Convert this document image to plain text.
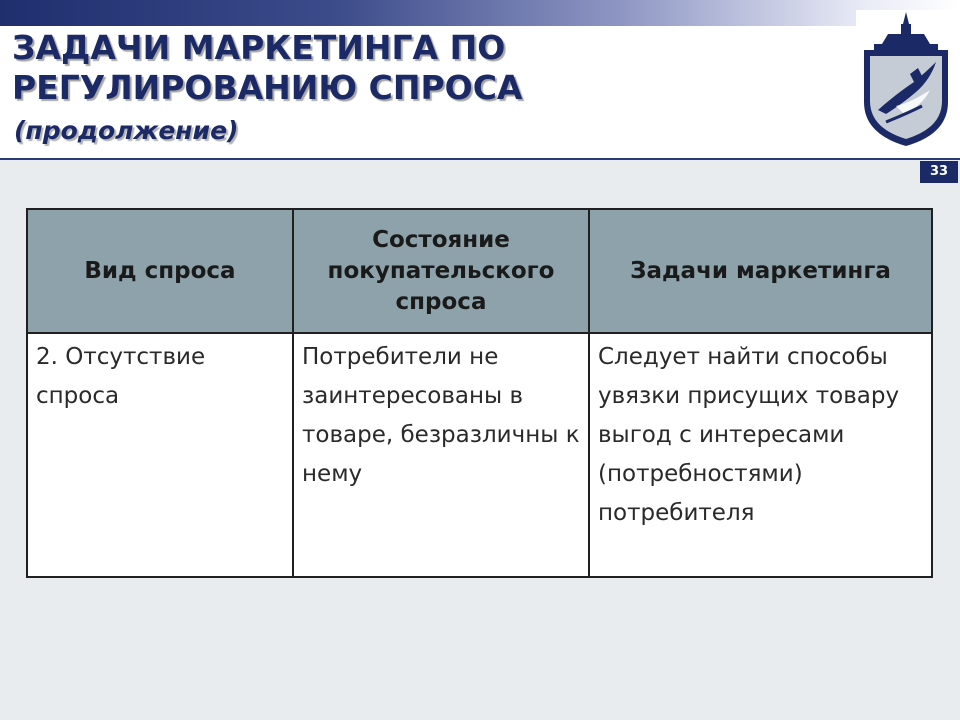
ЗАДАЧИ МАРКЕТИНГА ПО РЕГУЛИРОВАНИЮ СПРОСА
(продолжение)
33
Вид спроса	Состояние покупательского спроса	Задачи маркетинга
2. Отсутствие спроса	Потребители не заинтересованы в товаре, безразличны к нему	Следует найти способы увязки присущих товару выгод с интересами (потребностями) потребителя
